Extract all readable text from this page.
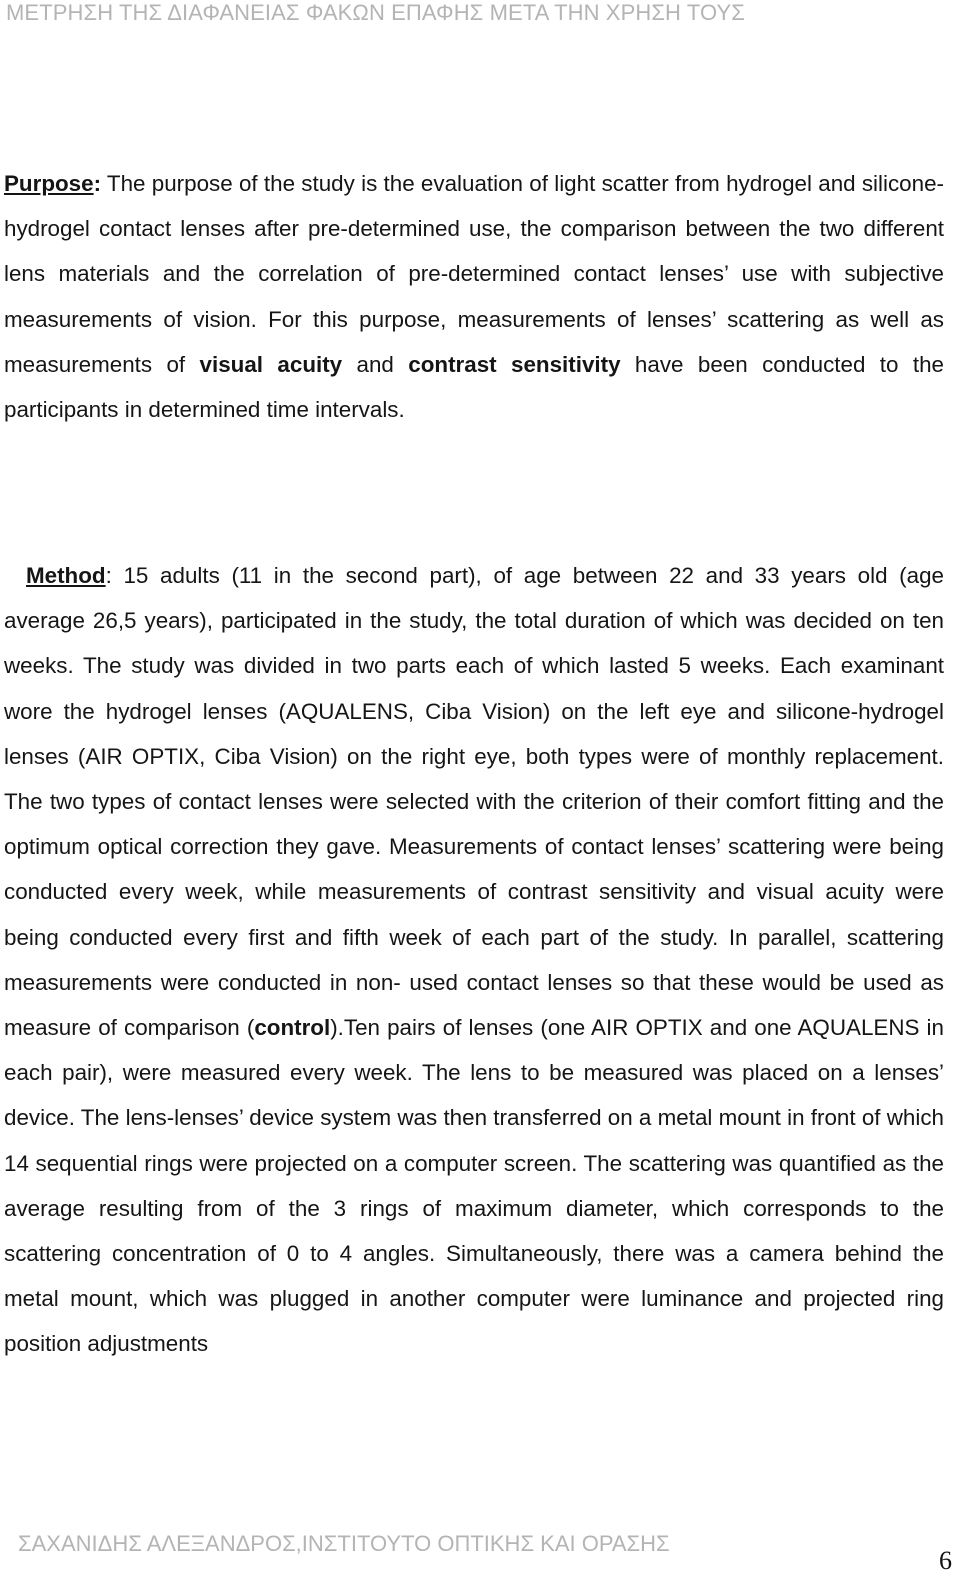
ΜΕΤΡΗΣΗ ΤΗΣ ΔΙΑΦΑΝΕΙΑΣ ΦΑΚΩΝ ΕΠΑΦΗΣ ΜΕΤΑ ΤΗΝ ΧΡΗΣΗ ΤΟΥΣ

Purpose: The purpose of the study is the evaluation of light scatter from hydrogel and silicone-hydrogel contact lenses after pre-determined use, the comparison between the two different lens materials and the correlation of pre-determined contact lenses’ use with subjective measurements of vision. For this purpose, measurements of lenses’ scattering as well as measurements of visual acuity and contrast sensitivity have been conducted to the participants in determined time intervals.

Method: 15 adults (11 in the second part), of age between 22 and 33 years old (age average 26,5 years), participated in the study, the total duration of which was decided on ten weeks. The study was divided in two parts each of which lasted 5 weeks. Each examinant wore the hydrogel lenses (AQUALENS, Ciba Vision) on the left eye and silicone-hydrogel lenses (AIR OPTIX, Ciba Vision) on the right eye, both types were of monthly replacement. The two types of contact lenses were selected with the criterion of their comfort fitting and the optimum optical correction they gave. Measurements of contact lenses’ scattering were being conducted every week, while measurements of contrast sensitivity and visual acuity were being conducted every first and fifth week of each part of the study. In parallel, scattering measurements were conducted in non- used contact lenses so that these would be used as measure of comparison (control).Ten pairs of lenses (one AIR OPTIX and one AQUALENS in each pair), were measured every week. The lens to be measured was placed on a lenses’ device. The lens-lenses’ device system was then transferred on a metal mount in front of which 14 sequential rings were projected on a computer screen. The scattering was quantified as the average resulting from of the 3 rings of maximum diameter, which corresponds to the scattering concentration of 0 to 4 angles. Simultaneously, there was a camera behind the metal mount, which was plugged in another computer were luminance and projected ring position adjustments

ΣΑΧΑΝΙΔΗΣ ΑΛΕΞΑΝΔΡΟΣ,ΙΝΣΤΙΤΟΥΤΟ ΟΠΤΙΚΗΣ ΚΑΙ ΟΡΑΣΗΣ
6
